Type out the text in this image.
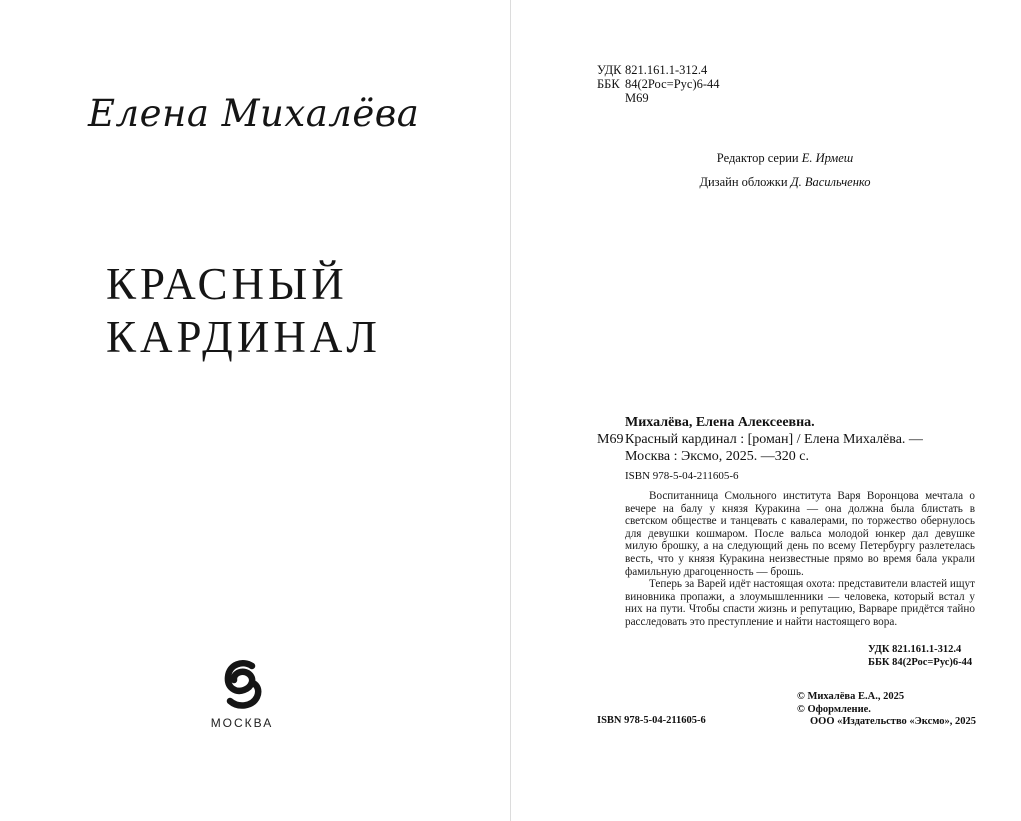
Елена Михалёва
КРАСНЫЙ
КАРДИНАЛ
МОСКВА
УДК 821.161.1-312.4
ББК 84(2Рос=Рус)6-44
М69
Редактор серии Е. Ирмеш
Дизайн обложки Д. Васильченко
Михалёва, Елена Алексеевна.
М69 Красный кардинал : [роман] / Елена Михалёва. —
Москва : Эксмо, 2025. —320 с.
ISBN 978-5-04-211605-6

Воспитанница Смольного института Варя Воронцова мечтала о вечере на балу у князя Куракина — она должна была блистать в светском обществе и танцевать с кавалерами, по торжество обернулось для девушки кошмаром. После вальса молодой юнкер дал девушке милую брошку, а на следующий день по всему Петербургу разлетелась весть, что у князя Куракина неизвестные прямо во время бала украли фамильную драгоценность — брошь.

Теперь за Варей идёт настоящая охота: представители властей ищут виновника пропажи, а злоумышленники — человека, который встал у них на пути. Чтобы спасти жизнь и репутацию, Варваре придётся тайно расследовать это преступление и найти настоящего вора.

УДК 821.161.1-312.4
ББК 84(2Рос=Рус)6-44
ISBN 978-5-04-211605-6
© Михалёва Е.А., 2025
© Оформление.
ООО «Издательство «Эксмо», 2025
